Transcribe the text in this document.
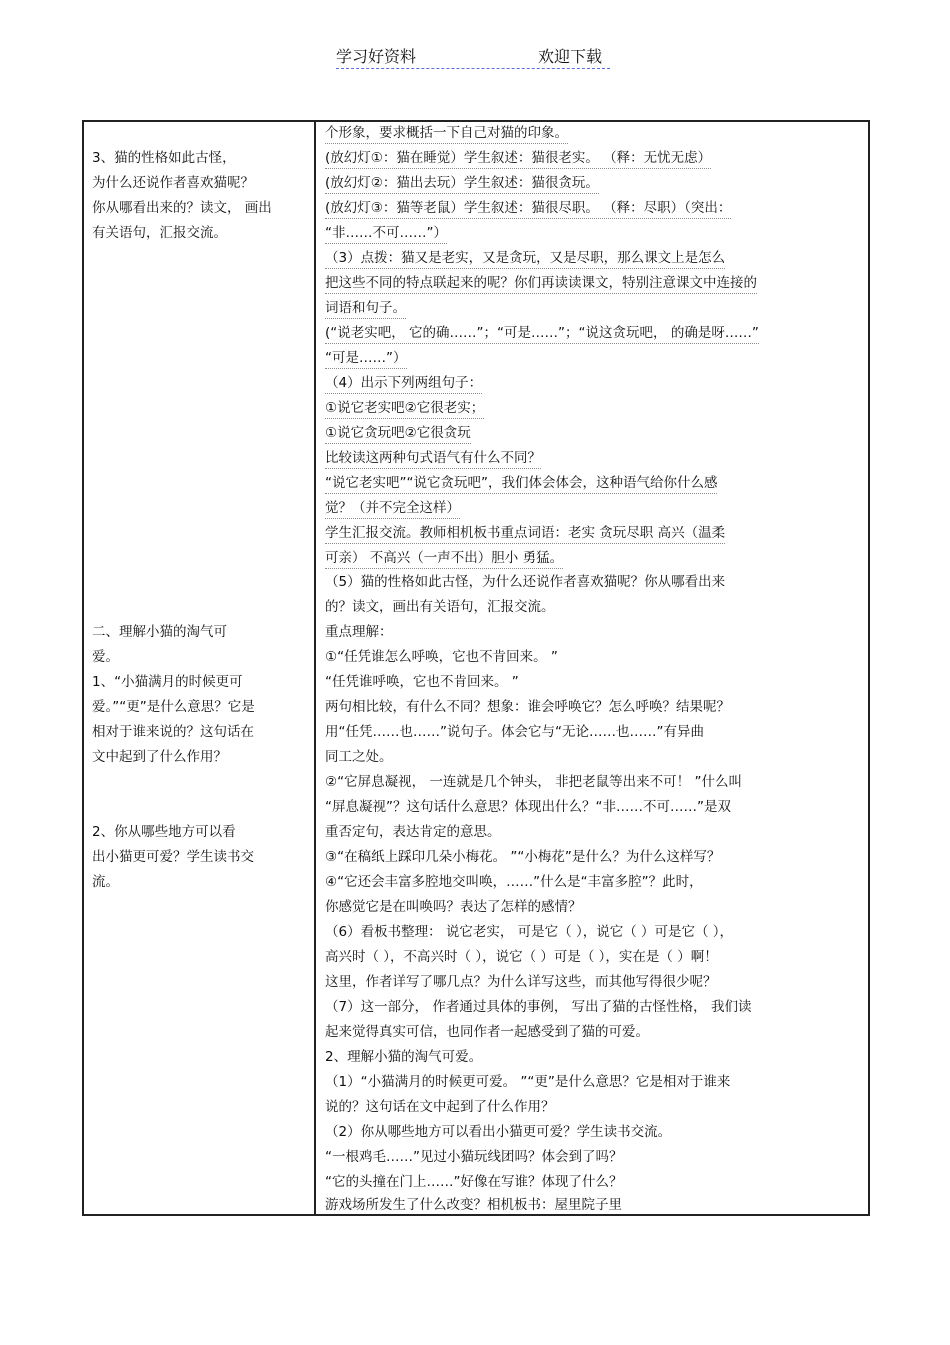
学习好资料	欢迎下载
3、猫的性格如此古怪，
为什么还说作者喜欢猫呢？
你从哪看出来的？读文， 画出
有关语句，汇报交流。
二、理解小猫的淘气可
爱。
1、“小猫满月的时候更可
爱。”“更”是什么意思？它是
相对于谁来说的？这句话在
文中起到了什么作用？
2、你从哪些地方可以看
出小猫更可爱？学生读书交
流。

个形象，要求概括一下自己对猫的印象。
(放幻灯①：猫在睡觉）学生叙述：猫很老实。 （释：无忧无虑）
(放幻灯②：猫出去玩）学生叙述：猫很贪玩。
(放幻灯③：猫等老鼠）学生叙述：猫很尽职。 （释：尽职）（突出：
“非……不可……”）
（3）点拨：猫又是老实，又是贪玩，又是尽职，那么课文上是怎么
把这些不同的特点联起来的呢？你们再读读课文，特别注意课文中连接的
词语和句子。
(“说老实吧， 它的确……”；“可是……”；“说这贪玩吧， 的确是呀……”
“可是……”）
（4）出示下列两组句子：
①说它老实吧②它很老实；
①说它贪玩吧②它很贪玩
比较读这两种句式语气有什么不同？
“说它老实吧”“说它贪玩吧”，我们体会体会，这种语气给你什么感
觉？（并不完全这样）
学生汇报交流。教师相机板书重点词语：老实 贪玩尽职 高兴（温柔
可亲） 不高兴（一声不出）胆小 勇猛。
（5）猫的性格如此古怪，为什么还说作者喜欢猫呢？你从哪看出来
的？读文，画出有关语句，汇报交流。
重点理解：
①“任凭谁怎么呼唤，它也不肯回来。 ”
“任凭谁呼唤，它也不肯回来。 ”
两句相比较，有什么不同？想象：谁会呼唤它？怎么呼唤？结果呢？
用“任凭……也……”说句子。体会它与“无论……也……”有异曲
同工之处。
②“它屏息凝视， 一连就是几个钟头， 非把老鼠等出来不可！ ”什么叫
“屏息凝视”？这句话什么意思？体现出什么？“非……不可……”是双
重否定句，表达肯定的意思。
③“在稿纸上踩印几朵小梅花。 ”“小梅花”是什么？为什么这样写？
④“它还会丰富多腔地交叫唤，……”什么是“丰富多腔”？此时，
你感觉它是在叫唤吗？表达了怎样的感情？
（6）看板书整理： 说它老实， 可是它（ ），说它（ ）可是它（ ），
高兴时（ ），不高兴时（ ），说它（ ）可是（ ），实在是（ ）啊！
这里，作者详写了哪几点？为什么详写这些，而其他写得很少呢？
（7）这一部分， 作者通过具体的事例， 写出了猫的古怪性格， 我们读
起来觉得真实可信，也同作者一起感受到了猫的可爱。
2、理解小猫的淘气可爱。
（1）“小猫满月的时候更可爱。 ”“更”是什么意思？它是相对于谁来
说的？这句话在文中起到了什么作用？
（2）你从哪些地方可以看出小猫更可爱？学生读书交流。
“一根鸡毛……”见过小猫玩线团吗？体会到了吗？
“它的头撞在门上……”好像在写谁？体现了什么？
游戏场所发生了什么改变？相机板书：屋里院子里
